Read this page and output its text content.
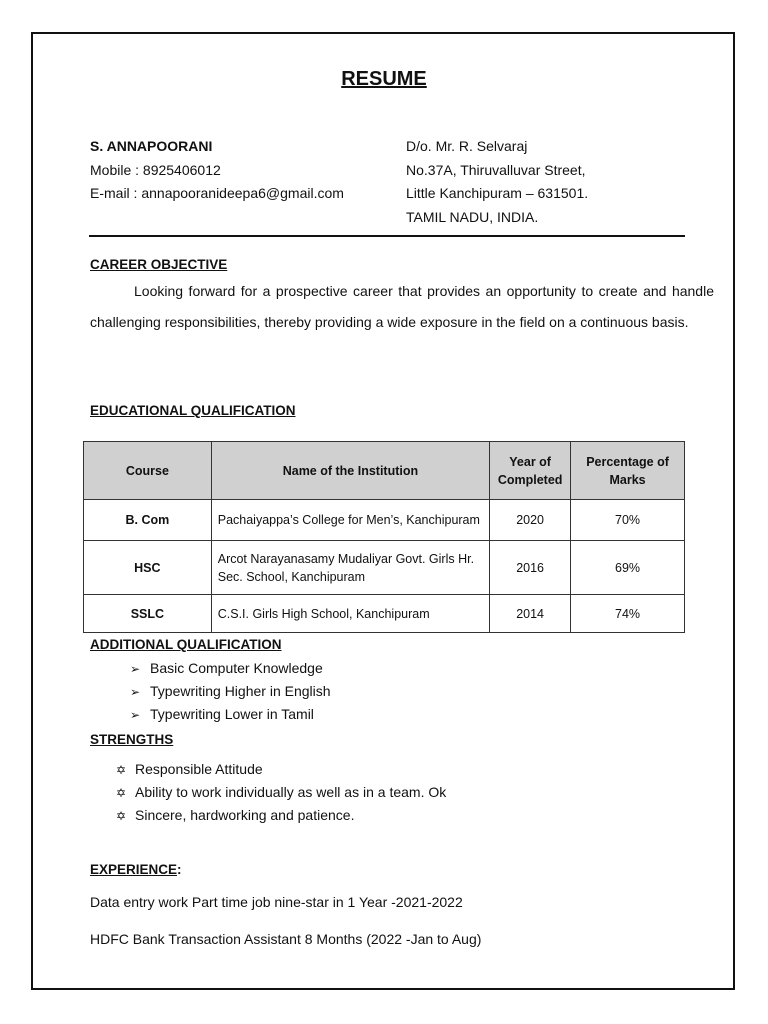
RESUME
S. ANNAPOORANI
Mobile : 8925406012
E-mail : annapooranideepa6@gmail.com
D/o. Mr. R. Selvaraj
No.37A, Thiruvalluvar Street,
Little Kanchipuram – 631501.
TAMIL NADU, INDIA.
CAREER OBJECTIVE
Looking forward for a prospective career that provides an opportunity to create and handle challenging responsibilities, thereby providing a wide exposure in the field on a continuous basis.
EDUCATIONAL QUALIFICATION
Course	Name of the Institution	Year of Completed	Percentage of Marks
B. Com	Pachaiyappa’s College for Men’s, Kanchipuram	2020	70%
HSC	Arcot Narayanasamy Mudaliyar Govt. Girls Hr. Sec. School, Kanchipuram	2016	69%
SSLC	C.S.I. Girls High School, Kanchipuram	2014	74%
ADDITIONAL QUALIFICATION
➢ Basic Computer Knowledge
➢ Typewriting Higher in English
➢ Typewriting Lower in Tamil
STRENGTHS
✡ Responsible Attitude
✡ Ability to work individually as well as in a team. Ok
✡ Sincere, hardworking and patience.
EXPERIENCE:
Data entry work Part time job nine-star in 1 Year -2021-2022
HDFC Bank Transaction Assistant 8 Months (2022 -Jan to Aug)
